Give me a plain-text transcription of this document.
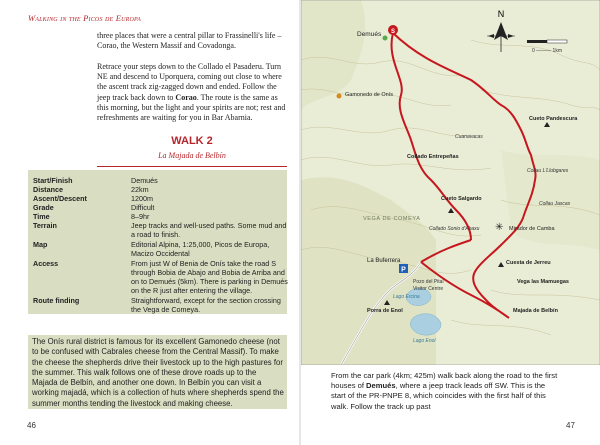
Walking in the Picos de Europa
three places that were a central pillar to Frassinelli's life – Corao, the Western Massif and Covadonga.
Retrace your steps down to the Collado el Pasaderu. Turn NE and descend to Uporquera, coming out close to where the ascent track zig-zagged down and ended. Follow the jeep track back down to Corao. The route is the same as this morning, but the light and your spirits are not; rest and refreshments are waiting for you in Bar Abarnia.
WALK 2
La Majada de Belbín
Start/Finish	Demués
Distance	22km
Ascent/Descent	1200m
Grade	Difficult
Time	8–9hr
Terrain	Jeep tracks and well-used paths. Some mud and a road to finish.
Map	Editorial Alpina, 1:25,000, Picos de Europa, Macizo Occidental
Access	From just W of Benia de Onís take the road S through Bobia de Abajo and Bobia de Arriba and on to Demués (5km). There is parking in Demués on the R just after entering the village.
Route finding	Straightforward, except for the section crossing the Vega de Comeya.
The Onís rural district is famous for its excellent Gamonedo cheese (not to be confused with Cabrales cheese from the Central Massif). To make the cheese the shepherds drive their livestock up to the high pastures for the summer. This walk follows one of these drove roads up to the Majada de Belbín, and another one down. In Belbín you can visit a working majadá, which is a collection of huts where shepherds spend the summer months tending the livestock and making cheese.
46
S
P
✳
N
0 ——— 1km
Demués
Gamonedo de Onís
Cuanavacas
Cueto Pandescura
Collado Entrepeñas
Collau L'Llobgares
Collau Jascas
Cueto Salgardo
VEGA DE COMEYA
Collado Sonio d'Abaxu	Mirador de Camba
Cuesta de Jerreu
La Buferrera
Vega las Mamuegas
Pozo del Pital
Visitor Centre
Lago Ercina
Lago Enol
Porra de Enol	Majada de Belbín
From the car park (4km; 425m) walk back along the road to the first houses of Demués, where a jeep track leads off SW. This is the start of the PR-PNPE 8, which coincides with the first half of this walk. Follow the track up past
47
